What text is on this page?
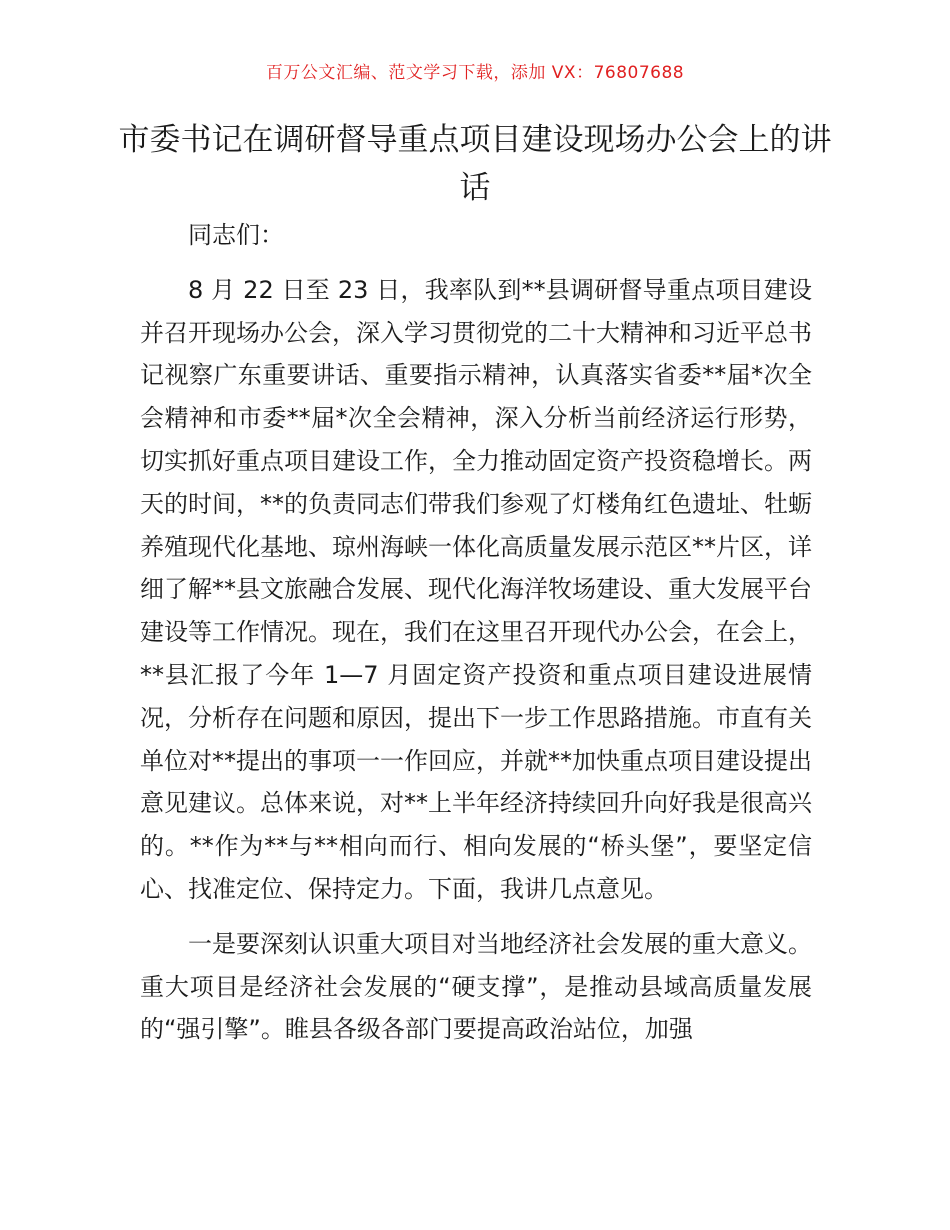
百万公文汇编、范文学习下载，添加 VX：76807688
市委书记在调研督导重点项目建设现场办公会上的讲话

同志们：

8 月 22 日至 23 日，我率队到**县调研督导重点项目建设并召开现场办公会，深入学习贯彻党的二十大精神和习近平总书记视察广东重要讲话、重要指示精神，认真落实省委**届*次全会精神和市委**届*次全会精神，深入分析当前经济运行形势，切实抓好重点项目建设工作，全力推动固定资产投资稳增长。两天的时间，**的负责同志们带我们参观了灯楼角红色遗址、牡蛎养殖现代化基地、琼州海峡一体化高质量发展示范区**片区，详细了解**县文旅融合发展、现代化海洋牧场建设、重大发展平台建设等工作情况。现在，我们在这里召开现代办公会，在会上，**县汇报了今年 1—7 月固定资产投资和重点项目建设进展情况，分析存在问题和原因，提出下一步工作思路措施。市直有关单位对**提出的事项一一作回应，并就**加快重点项目建设提出意见建议。总体来说，对**上半年经济持续回升向好我是很高兴的。**作为**与**相向而行、相向发展的“桥头堡”，要坚定信心、找准定位、保持定力。下面，我讲几点意见。

一是要深刻认识重大项目对当地经济社会发展的重大意义。重大项目是经济社会发展的“硬支撑”，是推动县域高质量发展的“强引擎”。睢县各级各部门要提高政治站位，加强
